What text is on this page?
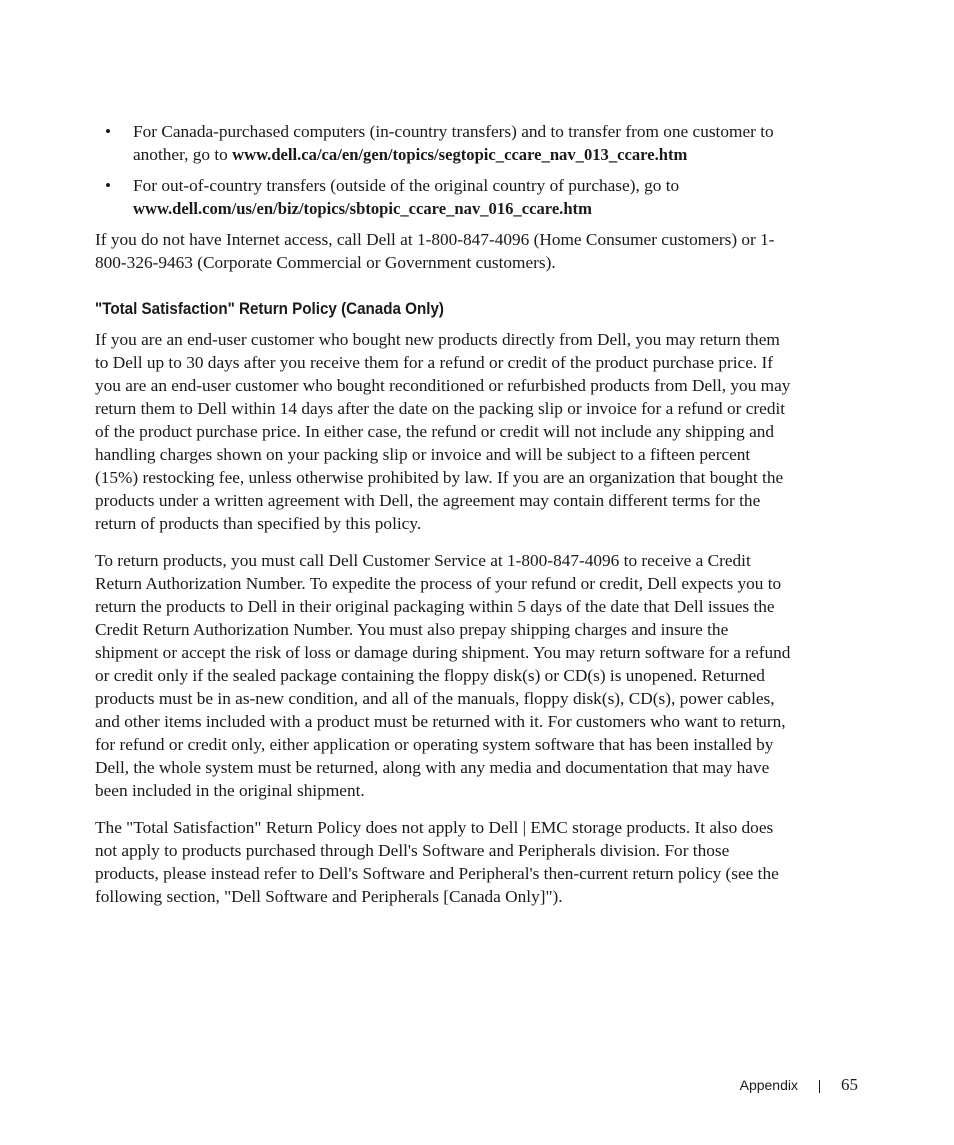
• For Canada-purchased computers (in-country transfers) and to transfer from one customer to another, go to www.dell.ca/ca/en/gen/topics/segtopic_ccare_nav_013_ccare.htm
• For out-of-country transfers (outside of the original country of purchase), go to www.dell.com/us/en/biz/topics/sbtopic_ccare_nav_016_ccare.htm

If you do not have Internet access, call Dell at 1-800-847-4096 (Home Consumer customers) or 1-800-326-9463 (Corporate Commercial or Government customers).

"Total Satisfaction" Return Policy (Canada Only)

If you are an end-user customer who bought new products directly from Dell, you may return them to Dell up to 30 days after you receive them for a refund or credit of the product purchase price. If you are an end-user customer who bought reconditioned or refurbished products from Dell, you may return them to Dell within 14 days after the date on the packing slip or invoice for a refund or credit of the product purchase price. In either case, the refund or credit will not include any shipping and handling charges shown on your packing slip or invoice and will be subject to a fifteen percent (15%) restocking fee, unless otherwise prohibited by law. If you are an organization that bought the products under a written agreement with Dell, the agreement may contain different terms for the return of products than specified by this policy.

To return products, you must call Dell Customer Service at 1-800-847-4096 to receive a Credit Return Authorization Number. To expedite the process of your refund or credit, Dell expects you to return the products to Dell in their original packaging within 5 days of the date that Dell issues the Credit Return Authorization Number. You must also prepay shipping charges and insure the shipment or accept the risk of loss or damage during shipment. You may return software for a refund or credit only if the sealed package containing the floppy disk(s) or CD(s) is unopened. Returned products must be in as-new condition, and all of the manuals, floppy disk(s), CD(s), power cables, and other items included with a product must be returned with it. For customers who want to return, for refund or credit only, either application or operating system software that has been installed by Dell, the whole system must be returned, along with any media and documentation that may have been included in the original shipment.

The "Total Satisfaction" Return Policy does not apply to Dell | EMC storage products. It also does not apply to products purchased through Dell's Software and Peripherals division. For those products, please instead refer to Dell's Software and Peripheral's then-current return policy (see the following section, "Dell Software and Peripherals [Canada Only]").

Appendix	65
